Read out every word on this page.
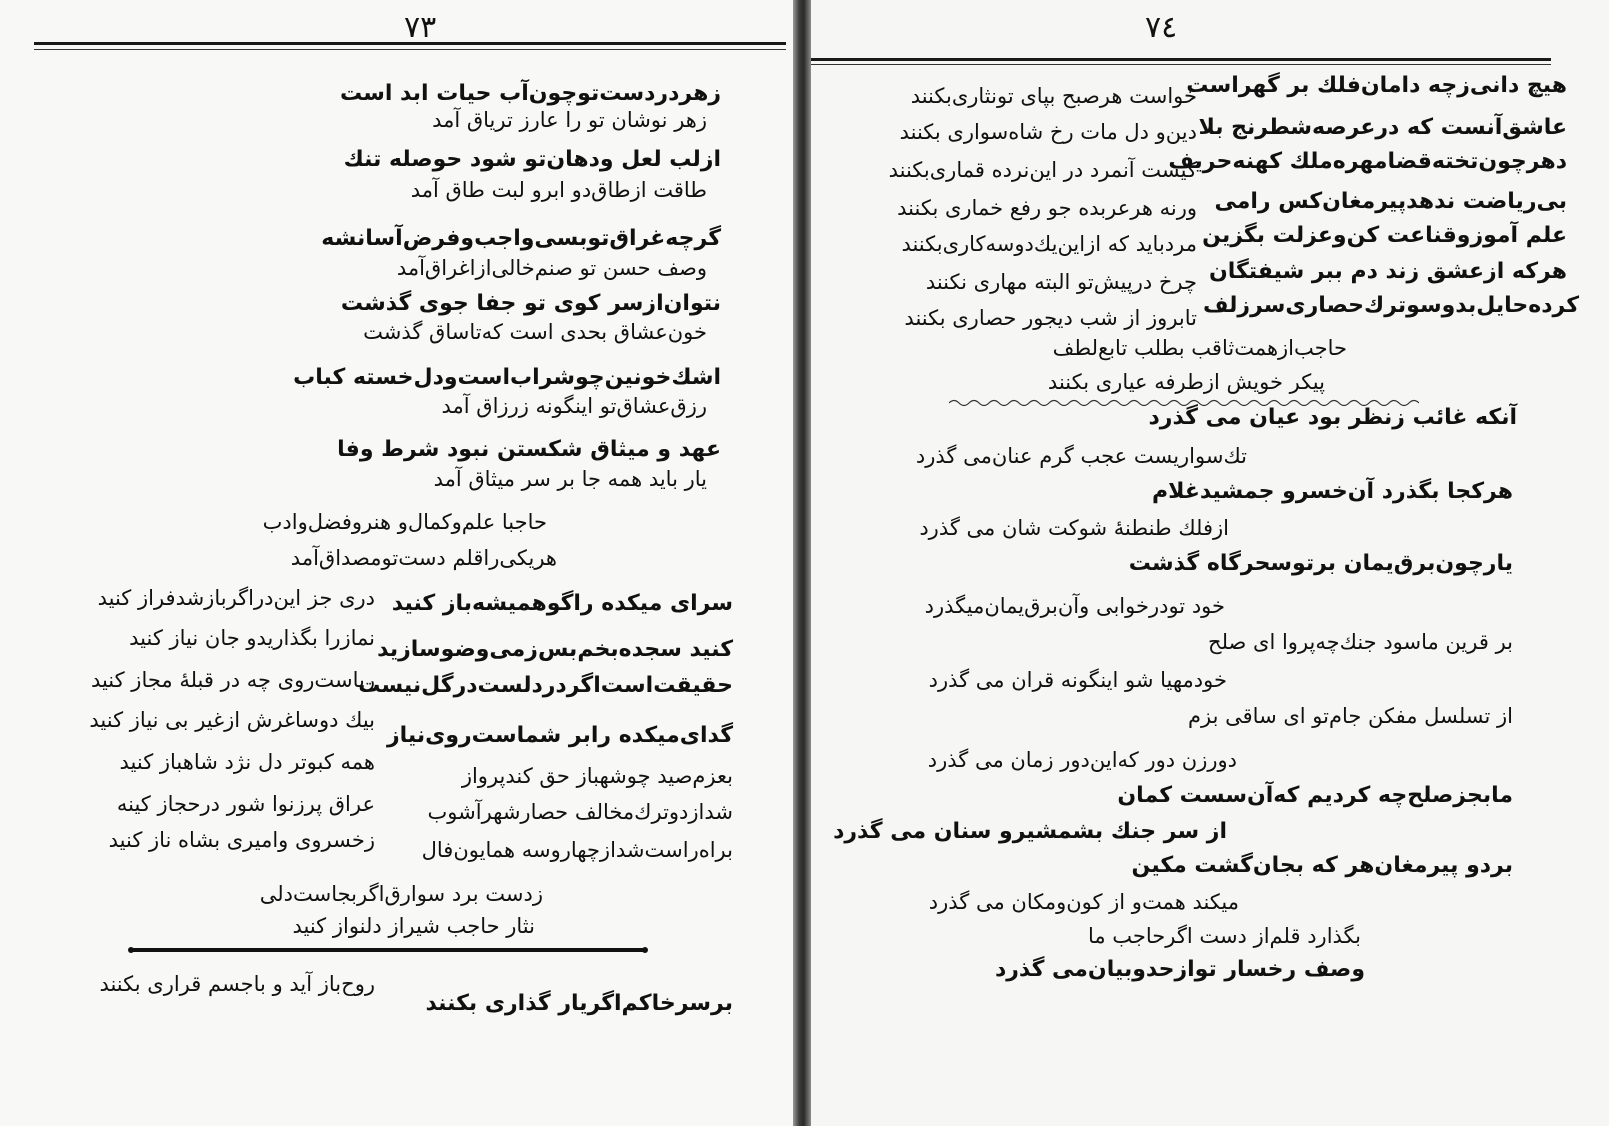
٧٣
زهردردست‌توچون‌آب حیات ابد است
زهر نوشان تو را عارز تریاق آمد
ازلب لعل ودهان‌تو شود حوصله تنك
طاقت ازطاق‌دو ابرو لبت طاق آمد
گرچه‌غراق‌توبسی‌واجب‌وفرض‌آسانشه
وصف حسن تو صنم‌خالی‌ازاغراق‌آمد
نتوان‌ازسر کوی تو جفا جوی گذشت
خون‌عشاق بحدی است که‌تاساق گذشت
اشك‌خونین‌چوشراب‌است‌ودل‌خسته کباب
رزق‌عشاق‌تو اینگونه زرزاق آمد
عهد و میثاق شکستن نبود شرط وفا
یار باید همه جا بر سر میثاق آمد
حاجبا علم‌وکمال‌و هنروفضل‌وادب
هریکی‌راقلم دست‌تومصداق‌آمد
سرای میکده راگوهمیشه‌باز کنید
دری جز این‌دراگرباز‌شدفراز کنید
کنید سجده‌بخم‌بس‌زمی‌وضوسازید
نمازرا بگذاریدو جان نیاز کنید
حقیقت‌است‌اگردرد‌لست‌درگل‌نیست
ریاست‌روی چه در قبلهٔ مجاز کنید
گدای‌میکده رابر شماست‌روی‌نیاز
بیك دوساغرش ازغیر بی نیاز کنید
بعزم‌صید چوشهباز حق کند‌پرواز
همه کبوتر دل نژد شاهباز کنید
شدازدوترك‌مخالف حصارشهرآشوب
عراق پرزنوا شور درحجاز کینه
براه‌راست‌شدازچهاروسه همایون‌فال
زخسروی وامیری بشاه ناز کنید
زدست برد سوارق‌اگربجاست‌دلی
نثار حاجب شیراز دلنواز کنید
برسرخاکم‌اگریار گذاری بکنند
روح‌باز آید و باجسم قراری بکنند
٧٤
هیچ دانی‌زچه دامان‌فلك بر گهراست
خواست هرصبح بپای تونثاری‌بکنند
عاشق‌آنست که درعرصه‌شطرنج بلا
دین‌و دل مات رخ شاه‌سواری بکنند
دهرچون‌تخته‌قضامهره‌ملك کهنه‌حریف
کیست آنمرد در این‌نرده قماری‌بکنند
بی‌ریاضت ندهدپیرمغان‌کس رامی
ورنه هرعربده جو رفع خماری بکنند
علم آموزوقناعت کن‌وعزلت بگزین
مردباید که ازاین‌یك‌دوسه‌کاری‌بکنند
هرکه ازعشق زند دم ببر شیفتگان
چرخ درپیش‌تو البته مهاری نکنند
کرده‌حایل‌بدوسوترك‌حصاری‌سرزلف
تابروز از شب دیجور حصاری بکنند
حاجب‌ازهمت‌ثاقب بطلب تابع‌لطف
پیکر خویش ازطرفه عیاری بکنند
آنکه غائب زنظر بود عیان می گذرد
تك‌سواریست عجب گرم عنان‌می گذرد
هرکجا بگذرد آن‌خسرو جمشیدغلام
ازفلك طنطنهٔ شوکت شان می گذرد
یارچون‌برق‌یمان برتوسحرگاه گذشت
خود تودرخوابی وآن‌برق‌یمان‌میگذرد
بر قرین ماسود جنك‌چه‌پروا ای صلح
خودمهیا شو اینگونه قران می گذرد
از تسلسل مفکن جام‌تو ای ساقی بزم
دورزن دور که‌این‌دور زمان می گذرد
مابجزصلح‌چه کردیم که‌آن‌سست کمان
از سر جنك بشمشیرو سنان می گذرد
بردو پیرمغان‌هر که بجان‌گشت مکین
میکند همت‌و از کون‌ومکان می گذرد
بگذارد قلم‌از دست اگرحاجب ما
وصف رخسار توازحدوبیان‌می گذرد
